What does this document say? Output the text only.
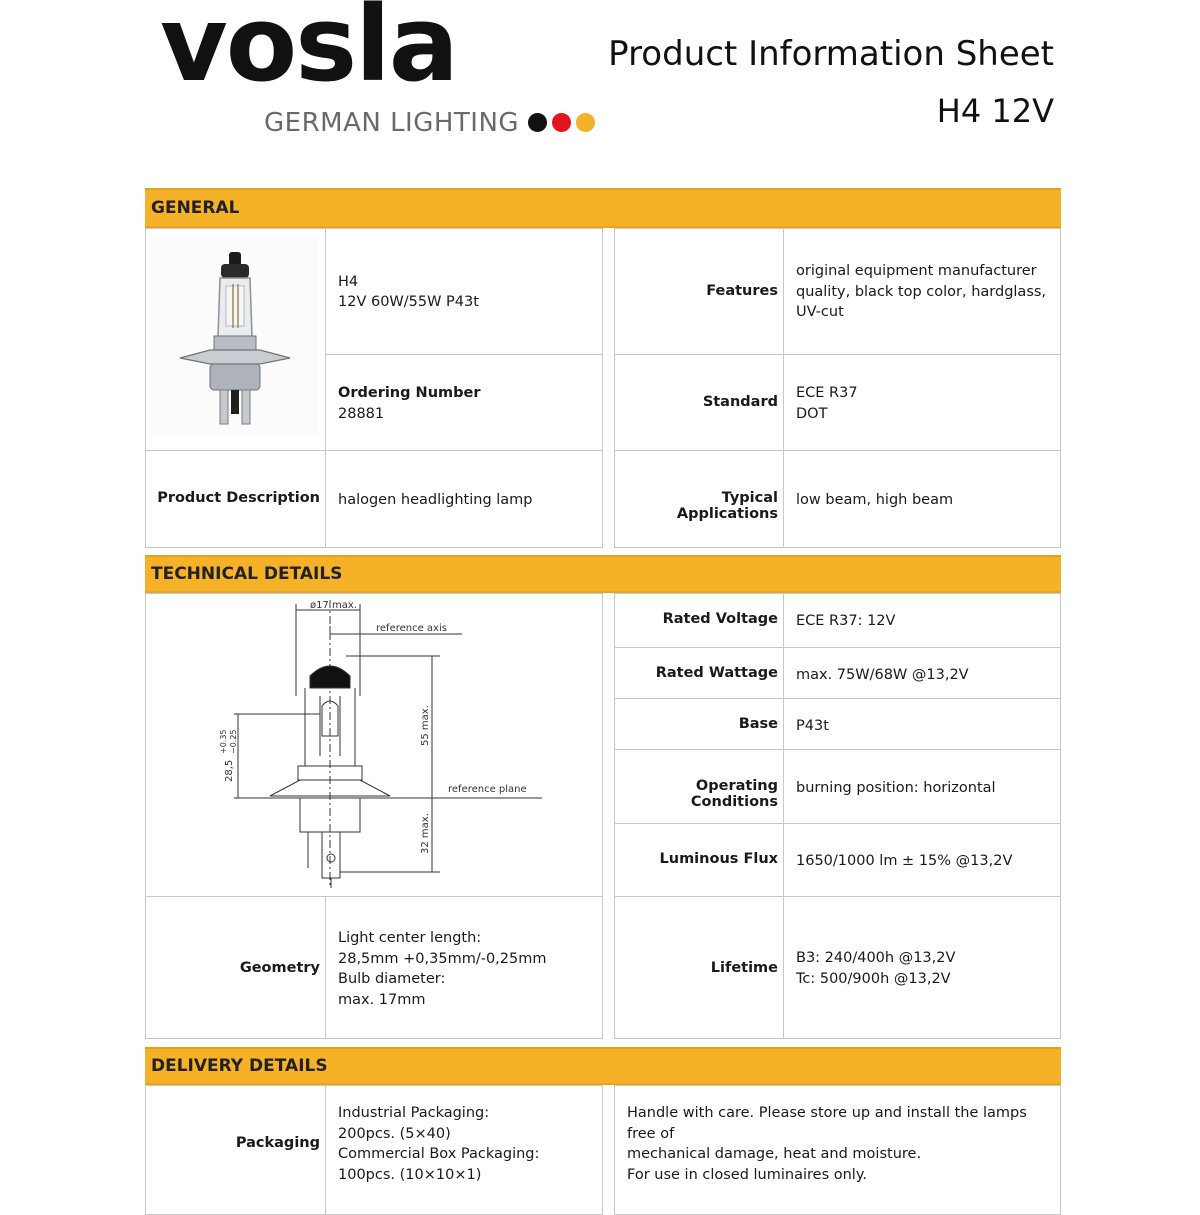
vosla
GERMAN LIGHTING
Product Information Sheet
H4 12V
GENERAL
H4
12V 60W/55W P43t
Ordering Number
28881
Product Description halogen headlighting lamp
Features
original equipment manufacturer
quality, black top color, hardglass,
UV-cut
Standard
ECE R37
DOT
Typical Applications
low beam, high beam
TECHNICAL DETAILS
ø17 max.
reference axis
reference plane
55 max.
32 max.
28,5
+0.35 −0.25
Geometry
Light center length:
28,5mm +0,35mm/-0,25mm
Bulb diameter:
max. 17mm
Rated Voltage ECE R37: 12V
Rated Wattage max. 75W/68W @13,2V
Base P43t
Operating Conditions
burning position: horizontal
Luminous Flux 1650/1000 lm ± 15% @13,2V
Lifetime
B3: 240/400h @13,2V
Tc: 500/900h @13,2V
DELIVERY DETAILS
Packaging
Industrial Packaging:
200pcs. (5×40)
Commercial Box Packaging:
100pcs. (10×10×1)
Handle with care. Please store up and install the lamps free of
mechanical damage, heat and moisture.
For use in closed luminaires only.
